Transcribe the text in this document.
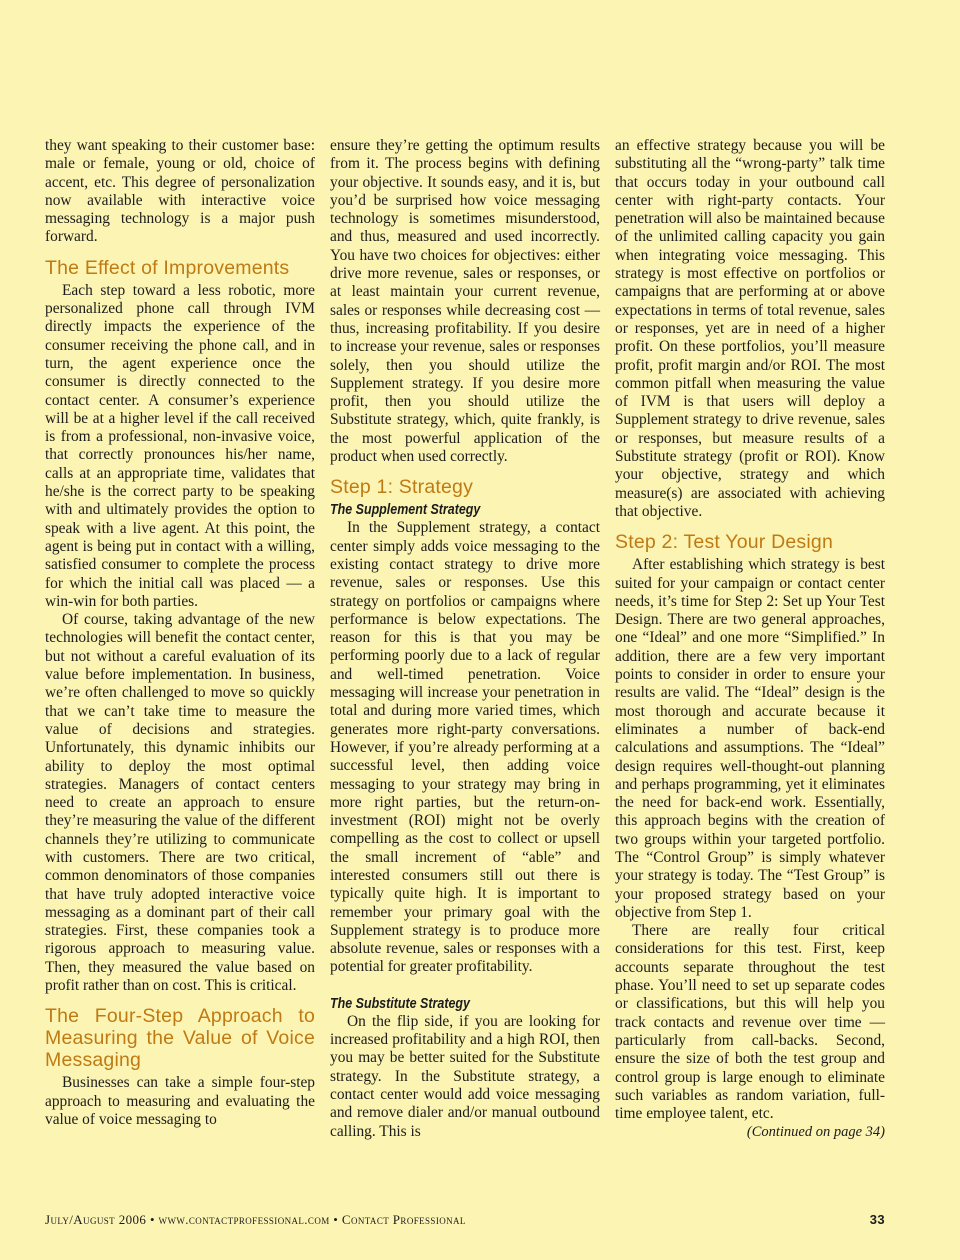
they want speaking to their customer base: male or female, young or old, choice of accent, etc. This degree of personalization now available with interactive voice messaging technology is a major push forward.

The Effect of Improvements

Each step toward a less robotic, more personalized phone call through IVM directly impacts the experience of the consumer receiving the phone call, and in turn, the agent experience once the consumer is directly connected to the contact center. A consumer’s experience will be at a higher level if the call received is from a professional, non-invasive voice, that correctly pronounces his/her name, calls at an appropriate time, validates that he/she is the correct party to be speaking with and ultimately provides the option to speak with a live agent. At this point, the agent is being put in contact with a willing, satisfied consumer to complete the process for which the initial call was placed — a win-win for both parties.

Of course, taking advantage of the new technologies will benefit the contact center, but not without a careful evaluation of its value before implementation. In business, we’re often challenged to move so quickly that we can’t take time to measure the value of decisions and strategies. Unfortunately, this dynamic inhibits our ability to deploy the most optimal strategies. Managers of contact centers need to create an approach to ensure they’re measuring the value of the different channels they’re utilizing to communicate with customers. There are two critical, common denominators of those companies that have truly adopted interactive voice messaging as a dominant part of their call strategies. First, these companies took a rigorous approach to measuring value. Then, they measured the value based on profit rather than on cost. This is critical.

The Four-Step Approach to Measuring the Value of Voice Messaging

Businesses can take a simple four-step approach to measuring and evaluating the value of voice messaging to

ensure they’re getting the optimum results from it. The process begins with defining your objective. It sounds easy, and it is, but you’d be surprised how voice messaging technology is sometimes misunderstood, and thus, measured and used incorrectly. You have two choices for objectives: either drive more revenue, sales or responses, or at least maintain your current revenue, sales or responses while decreasing cost — thus, increasing profitability. If you desire to increase your revenue, sales or responses solely, then you should utilize the Supplement strategy. If you desire more profit, then you should utilize the Substitute strategy, which, quite frankly, is the most powerful application of the product when used correctly.

Step 1: Strategy
The Supplement Strategy

In the Supplement strategy, a contact center simply adds voice messaging to the existing contact strategy to drive more revenue, sales or responses. Use this strategy on portfolios or campaigns where performance is below expectations. The reason for this is that you may be performing poorly due to a lack of regular and well-timed penetration. Voice messaging will increase your penetration in total and during more varied times, which generates more right-party conversations. However, if you’re already performing at a successful level, then adding voice messaging to your strategy may bring in more right parties, but the return-on-investment (ROI) might not be overly compelling as the cost to collect or upsell the small increment of “able” and interested consumers still out there is typically quite high. It is important to remember your primary goal with the Supplement strategy is to produce more absolute revenue, sales or responses with a potential for greater profitability.

The Substitute Strategy

On the flip side, if you are looking for increased profitability and a high ROI, then you may be better suited for the Substitute strategy. In the Substitute strategy, a contact center would add voice messaging and remove dialer and/or manual outbound calling. This is

an effective strategy because you will be substituting all the “wrong-party” talk time that occurs today in your outbound call center with right-party contacts. Your penetration will also be maintained because of the unlimited calling capacity you gain when integrating voice messaging. This strategy is most effective on portfolios or campaigns that are performing at or above expectations in terms of total revenue, sales or responses, yet are in need of a higher profit. On these portfolios, you’ll measure profit, profit margin and/or ROI. The most common pitfall when measuring the value of IVM is that users will deploy a Supplement strategy to drive revenue, sales or responses, but measure results of a Substitute strategy (profit or ROI). Know your objective, strategy and which measure(s) are associated with achieving that objective.

Step 2: Test Your Design

After establishing which strategy is best suited for your campaign or contact center needs, it’s time for Step 2: Set up Your Test Design. There are two general approaches, one “Ideal” and one more “Simplified.” In addition, there are a few very important points to consider in order to ensure your results are valid. The “Ideal” design is the most thorough and accurate because it eliminates a number of back-end calculations and assumptions. The “Ideal” design requires well-thought-out planning and perhaps programming, yet it eliminates the need for back-end work. Essentially, this approach begins with the creation of two groups within your targeted portfolio. The “Control Group” is simply whatever your strategy is today. The “Test Group” is your proposed strategy based on your objective from Step 1.

There are really four critical considerations for this test. First, keep accounts separate throughout the test phase. You’ll need to set up separate codes or classifications, but this will help you track contacts and revenue over time — particularly from call-backs. Second, ensure the size of both the test group and control group is large enough to eliminate such variables as random variation, full-time employee talent, etc.
(Continued on page 34)

July/August 2006 • www.contactprofessional.com • Contact Professional	33
